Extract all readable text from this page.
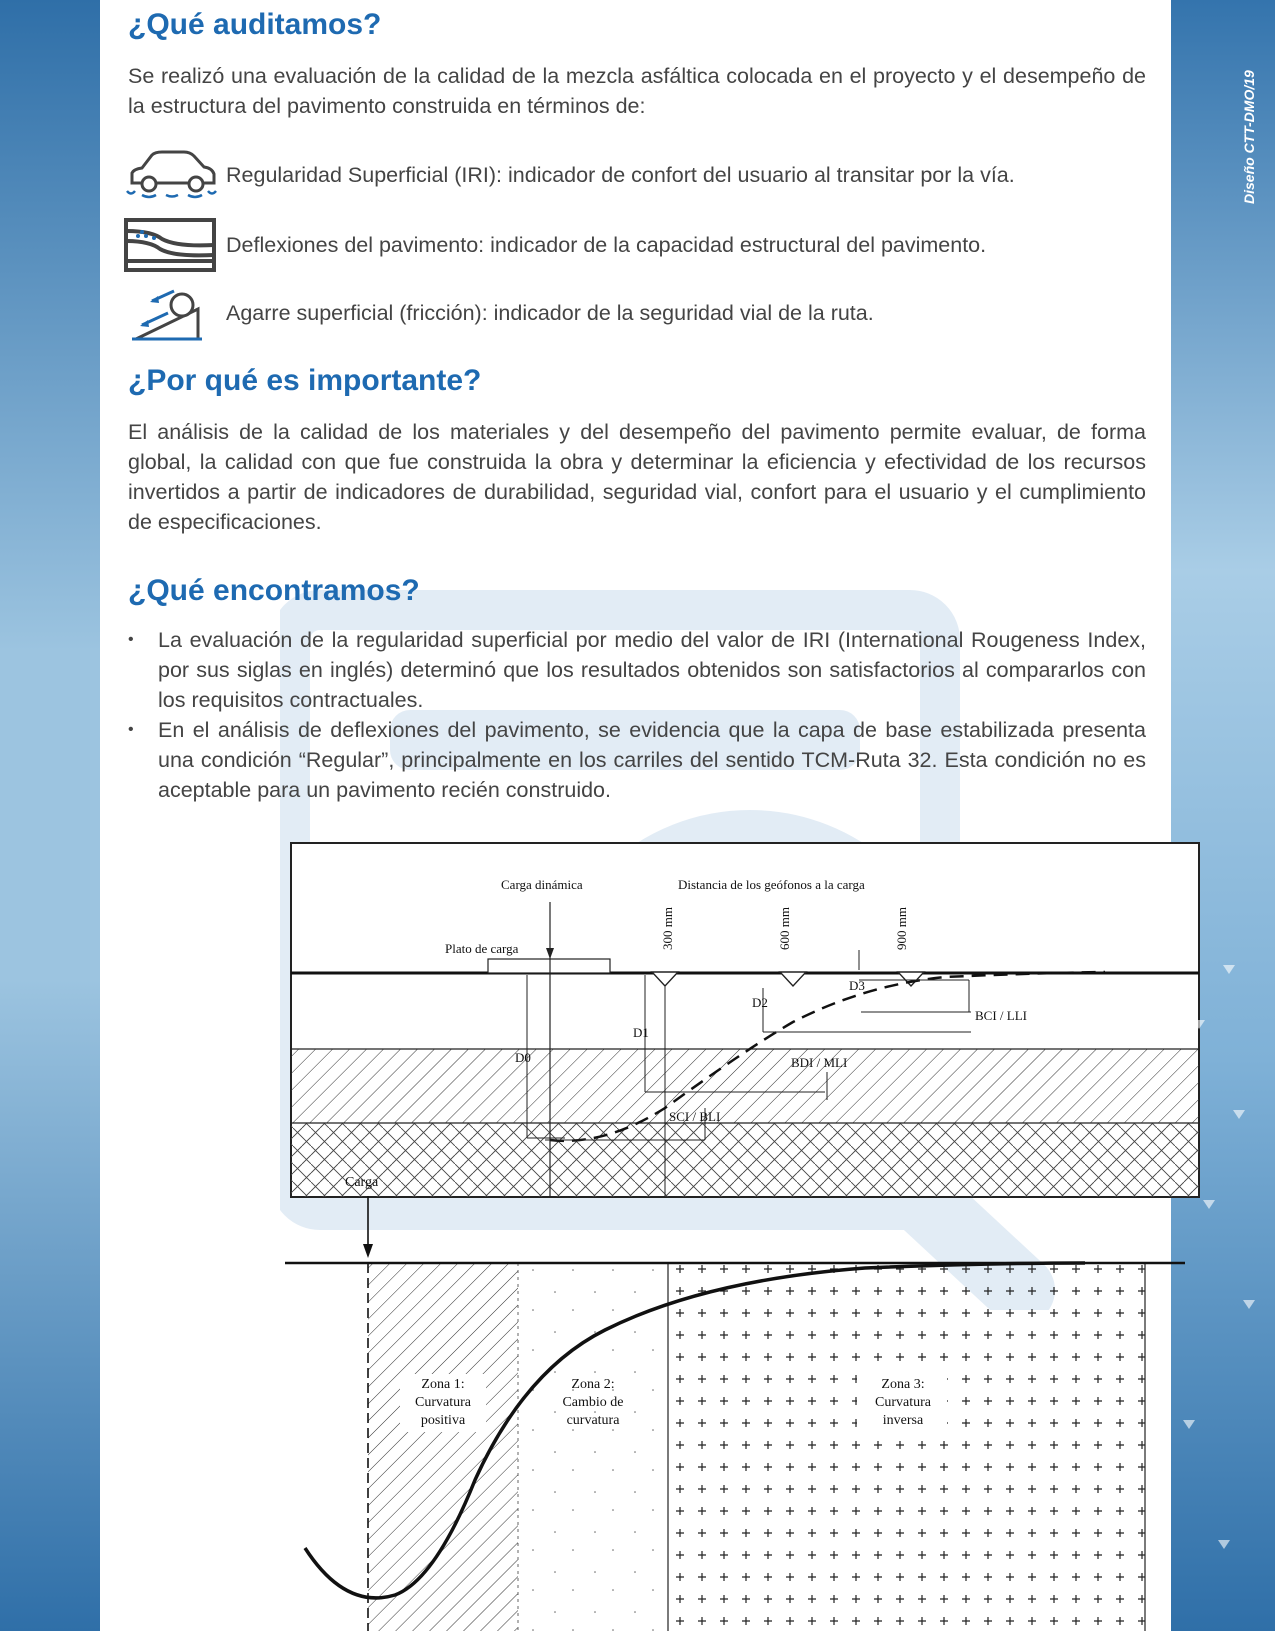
Diseño CTT-DMO/19
¿Qué auditamos?

Se realizó una evaluación de la calidad de la mezcla asfáltica colocada en el proyecto y el desempeño de la estructura del pavimento construida en términos de:

Regularidad Superficial (IRI): indicador de confort del usuario al transitar por la vía.
Deflexiones del pavimento: indicador de la capacidad estructural del pavimento.
Agarre superficial (fricción): indicador de la seguridad vial de la ruta.
¿Por qué es importante?

El análisis de la calidad de los materiales y del desempeño del pavimento permite evaluar, de forma global, la calidad con que fue construida la obra y determinar la eficiencia y efectividad de los recursos invertidos a partir de indicadores de durabilidad, seguridad vial, confort para el usuario y el cumplimiento de especificaciones.

¿Qué encontramos?
• La evaluación de la regularidad superficial por medio del valor de IRI (International Rougeness Index, por sus siglas en inglés) determinó que los resultados obtenidos son satisfactorios al compararlos con los requisitos contractuales.
• En el análisis de deflexiones del pavimento, se evidencia que la capa de base estabilizada presenta una condición “Regular”, principalmente en los carriles del sentido TCM-Ruta 32. Esta condición no es aceptable para un pavimento recién construido.
Carga dinámica	Distancia de los geófonos a la carga
Plato de carga	300 mm	600 mm	900 mm
D0
D1
D2
D3
BCI / LLI
BDI / MLI
SCI / BLI
Carga
Zona 1:
Curvatura
positiva
Zona 2:
Cambio de
curvatura
Zona 3:
Curvatura
inversa
